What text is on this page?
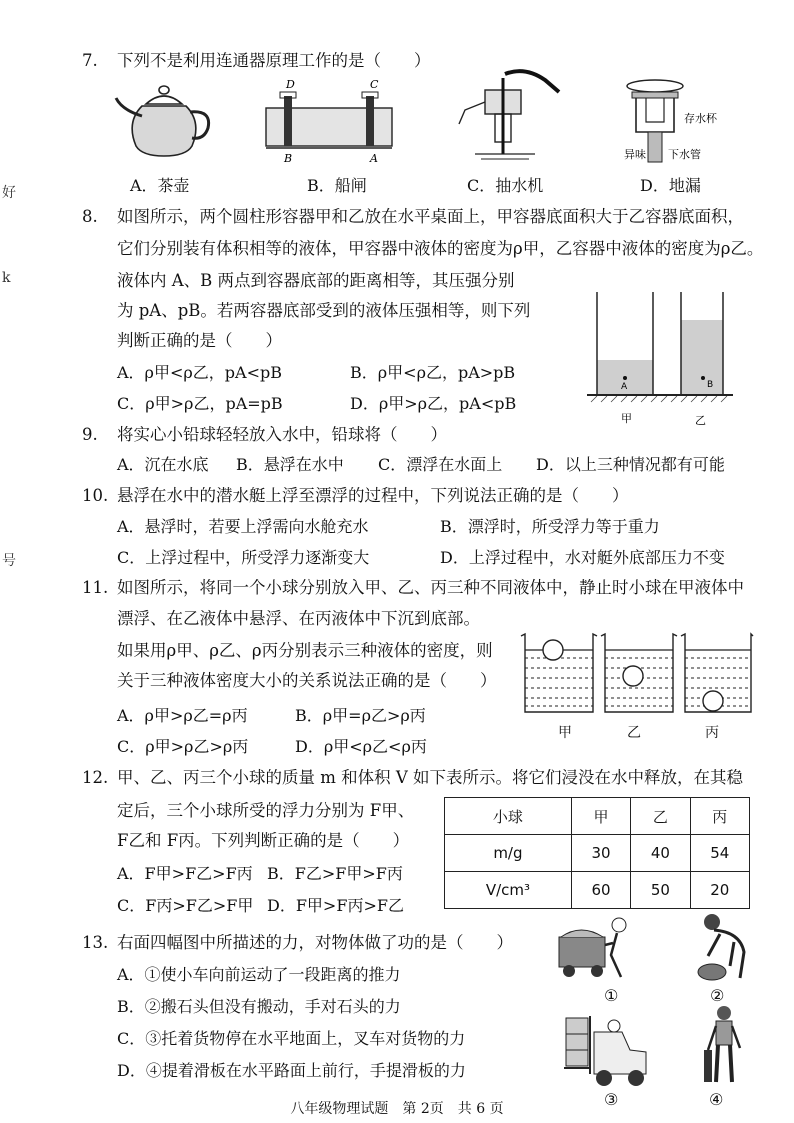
好
k
号
7. 下列不是利用连通器原理工作的是（　　）
D	C
B	A
存水杯
异味 下水管
A．茶壶	B．船闸	C．抽水机	D．地漏
8. 如图所示，两个圆柱形容器甲和乙放在水平桌面上，甲容器底面积大于乙容器底面积，
它们分别装有体积相等的液体，甲容器中液体的密度为ρ甲，乙容器中液体的密度为ρ乙。
液体内 A、B 两点到容器底部的距离相等，其压强分别
为 pA、pB。若两容器底部受到的液体压强相等，则下列
判断正确的是（　　）
A．ρ甲<ρ乙，pA<pB	B．ρ甲<ρ乙，pA>pB
C．ρ甲>ρ乙，pA=pB	D．ρ甲>ρ乙，pA<pB
A	B
甲	乙
9. 将实心小铅球轻轻放入水中，铅球将（　　）
A．沉在水底 B．悬浮在水中 C．漂浮在水面上 D．以上三种情况都有可能
10. 悬浮在水中的潜水艇上浮至漂浮的过程中，下列说法正确的是（　　）
A．悬浮时，若要上浮需向水舱充水	B．漂浮时，所受浮力等于重力
C．上浮过程中，所受浮力逐渐变大	D．上浮过程中，水对艇外底部压力不变
11. 如图所示，将同一个小球分别放入甲、乙、丙三种不同液体中，静止时小球在甲液体中
漂浮、在乙液体中悬浮、在丙液体中下沉到底部。
如果用ρ甲、ρ乙、ρ丙分别表示三种液体的密度，则
关于三种液体密度大小的关系说法正确的是（　　）
A．ρ甲>ρ乙=ρ丙	B．ρ甲=ρ乙>ρ丙
C．ρ甲>ρ乙>ρ丙	D．ρ甲<ρ乙<ρ丙
甲	乙	丙
12. 甲、乙、丙三个小球的质量 m 和体积 V 如下表所示。将它们浸没在水中释放，在其稳
定后，三个小球所受的浮力分别为 F甲、
F乙和 F丙。下列判断正确的是（　　）
A．F甲>F乙>F丙 B．F乙>F甲>F丙
C．F丙>F乙>F甲 D．F甲>F丙>F乙
小球	甲	乙	丙
m/g	30	40	54
V/cm³	60	50	20
13. 右面四幅图中所描述的力，对物体做了功的是（　　）
A．①使小车向前运动了一段距离的推力
B．②搬石头但没有搬动，手对石头的力
C．③托着货物停在水平地面上，叉车对货物的力
D．④提着滑板在水平路面上前行，手提滑板的力
①	②
③	④
八年级物理试题　第 2页　共 6 页
